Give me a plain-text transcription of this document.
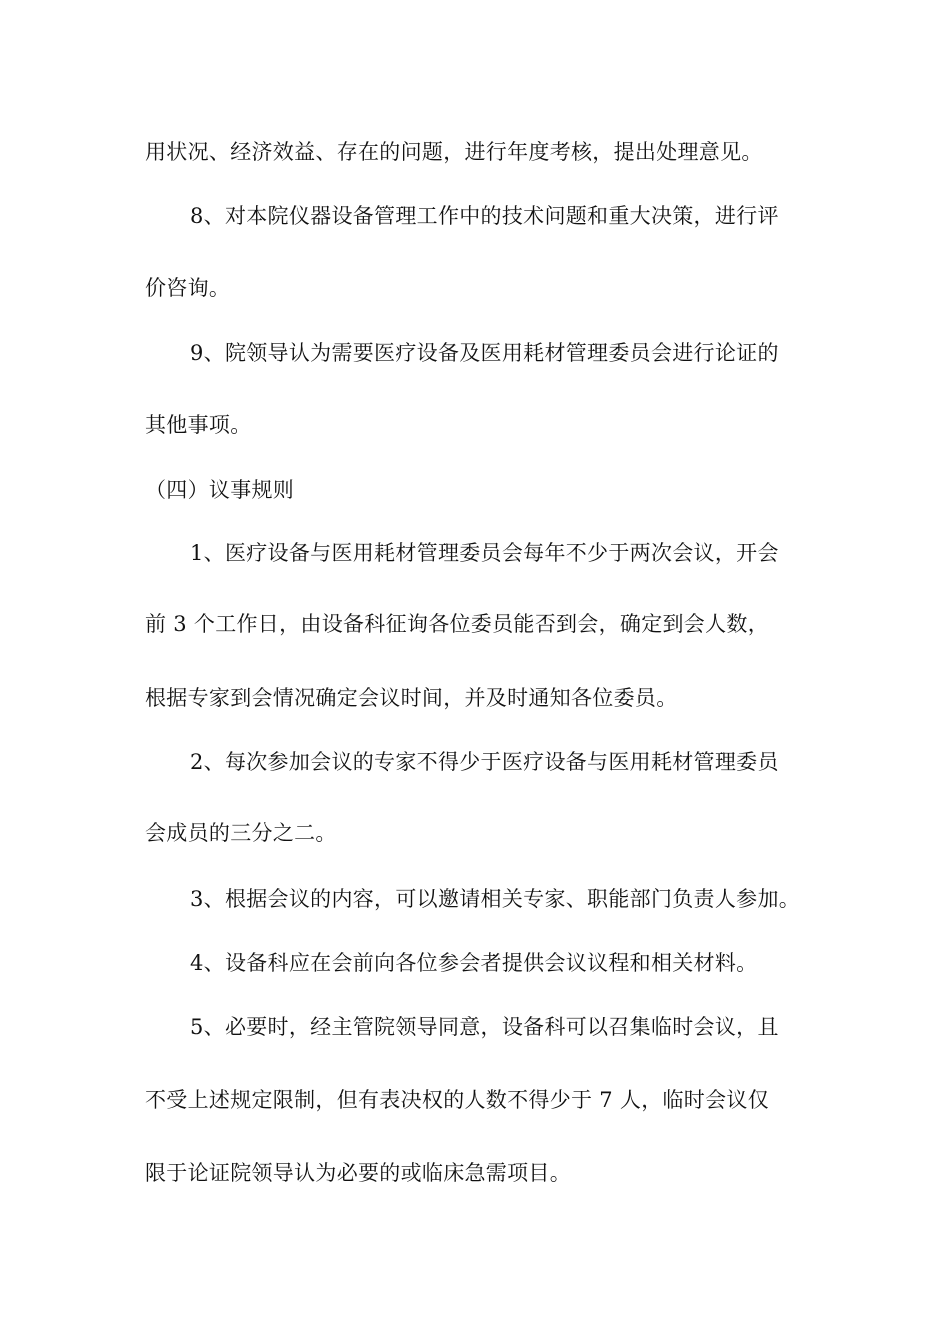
用状况、经济效益、存在的问题，进行年度考核，提出处理意见。
8、对本院仪器设备管理工作中的技术问题和重大决策，进行评
价咨询。
9、院领导认为需要医疗设备及医用耗材管理委员会进行论证的
其他事项。
（四）议事规则
1、医疗设备与医用耗材管理委员会每年不少于两次会议，开会
前 3 个工作日，由设备科征询各位委员能否到会，确定到会人数，
根据专家到会情况确定会议时间，并及时通知各位委员。
2、每次参加会议的专家不得少于医疗设备与医用耗材管理委员
会成员的三分之二。
3、根据会议的内容，可以邀请相关专家、职能部门负责人参加。
4、设备科应在会前向各位参会者提供会议议程和相关材料。
5、必要时，经主管院领导同意，设备科可以召集临时会议，且
不受上述规定限制，但有表决权的人数不得少于 7 人，临时会议仅
限于论证院领导认为必要的或临床急需项目。
